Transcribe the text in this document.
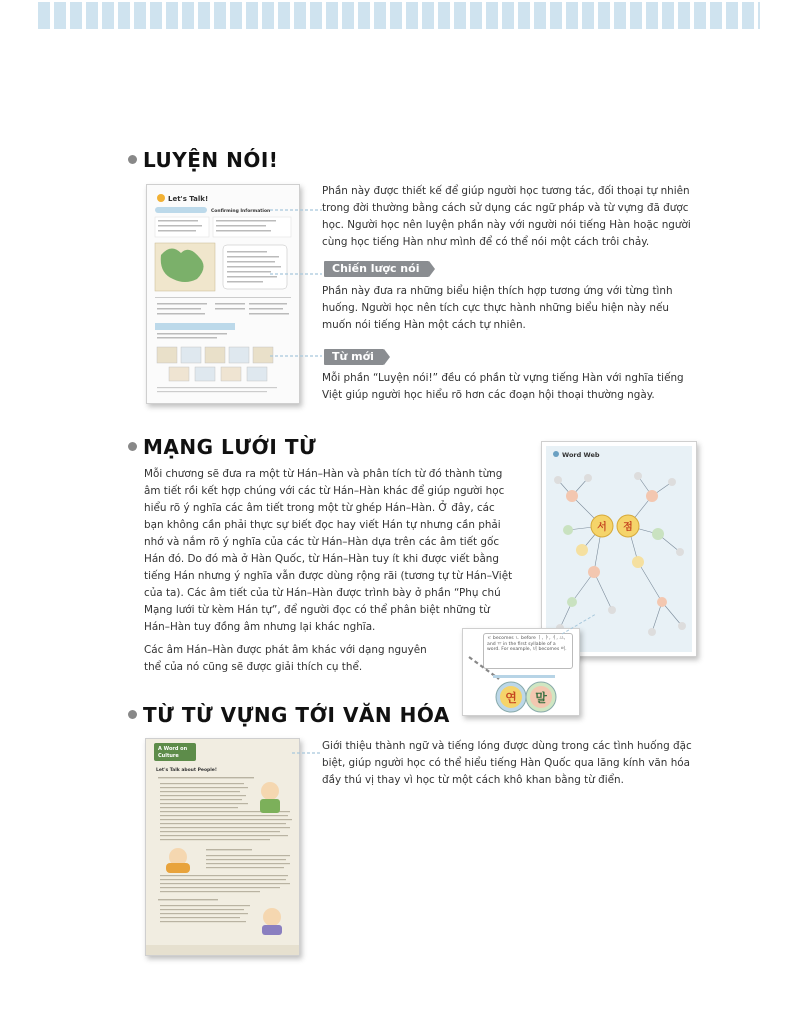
LUYỆN NÓI!
Let's Talk!
Confirming Information

Phần này được thiết kế để giúp người học tương tác, đối thoại tự nhiên trong đời thường bằng cách sử dụng các ngữ pháp và từ vựng đã được học. Người học nên luyện phần này với người nói tiếng Hàn hoặc người cùng học tiếng Hàn như mình để có thể nói một cách trôi chảy.

Chiến lược nói

Phần này đưa ra những biểu hiện thích hợp tương ứng với từng tình huống. Người học nên tích cực thực hành những biểu hiện này nếu muốn nói tiếng Hàn một cách tự nhiên.

Từ mới

Mỗi phần “Luyện nói!” đều có phần từ vựng tiếng Hàn với nghĩa tiếng Việt giúp người học hiểu rõ hơn các đoạn hội thoại thường ngày.

MẠNG LƯỚI TỪ

Mỗi chương sẽ đưa ra một từ Hán–Hàn và phân tích từ đó thành từng âm tiết rồi kết hợp chúng với các từ Hán–Hàn khác để giúp người học hiểu rõ ý nghĩa các âm tiết trong một từ ghép Hán–Hàn. Ở đây, các bạn không cần phải thực sự biết đọc hay viết Hán tự nhưng cần phải nhớ và nắm rõ ý nghĩa của các từ Hán–Hàn dựa trên các âm tiết gốc Hán đó. Do đó mà ở Hàn Quốc, từ Hán–Hàn tuy ít khi được viết bằng tiếng Hán nhưng ý nghĩa vẫn được dùng rộng rãi (tương tự từ Hán–Việt của ta). Các âm tiết của từ Hán–Hàn được trình bày ở phần “Phụ chú Mạng lưới từ kèm Hán tự”, để người đọc có thể phân biệt những từ Hán–Hàn tuy đồng âm nhưng lại khác nghĩa.

Các âm Hán–Hàn được phát âm khác với dạng nguyên thể của nó cũng sẽ được giải thích cụ thể.

Word Web
서 점
ㄹ becomes ㄴ before ㅣ, ㅑ, ㅕ, ㅛ, and ㅠ in the first syllable of a word. For example, 녀 becomes 여.
연 말
TỪ TỪ VỰNG TỚI VĂN HÓA
A Word on
Culture
Let's Talk about People!

Giới thiệu thành ngữ và tiếng lóng được dùng trong các tình huống đặc biệt, giúp người học có thể hiểu tiếng Hàn Quốc qua lăng kính văn hóa đầy thú vị thay vì học từ một cách khô khan bằng từ điển.
